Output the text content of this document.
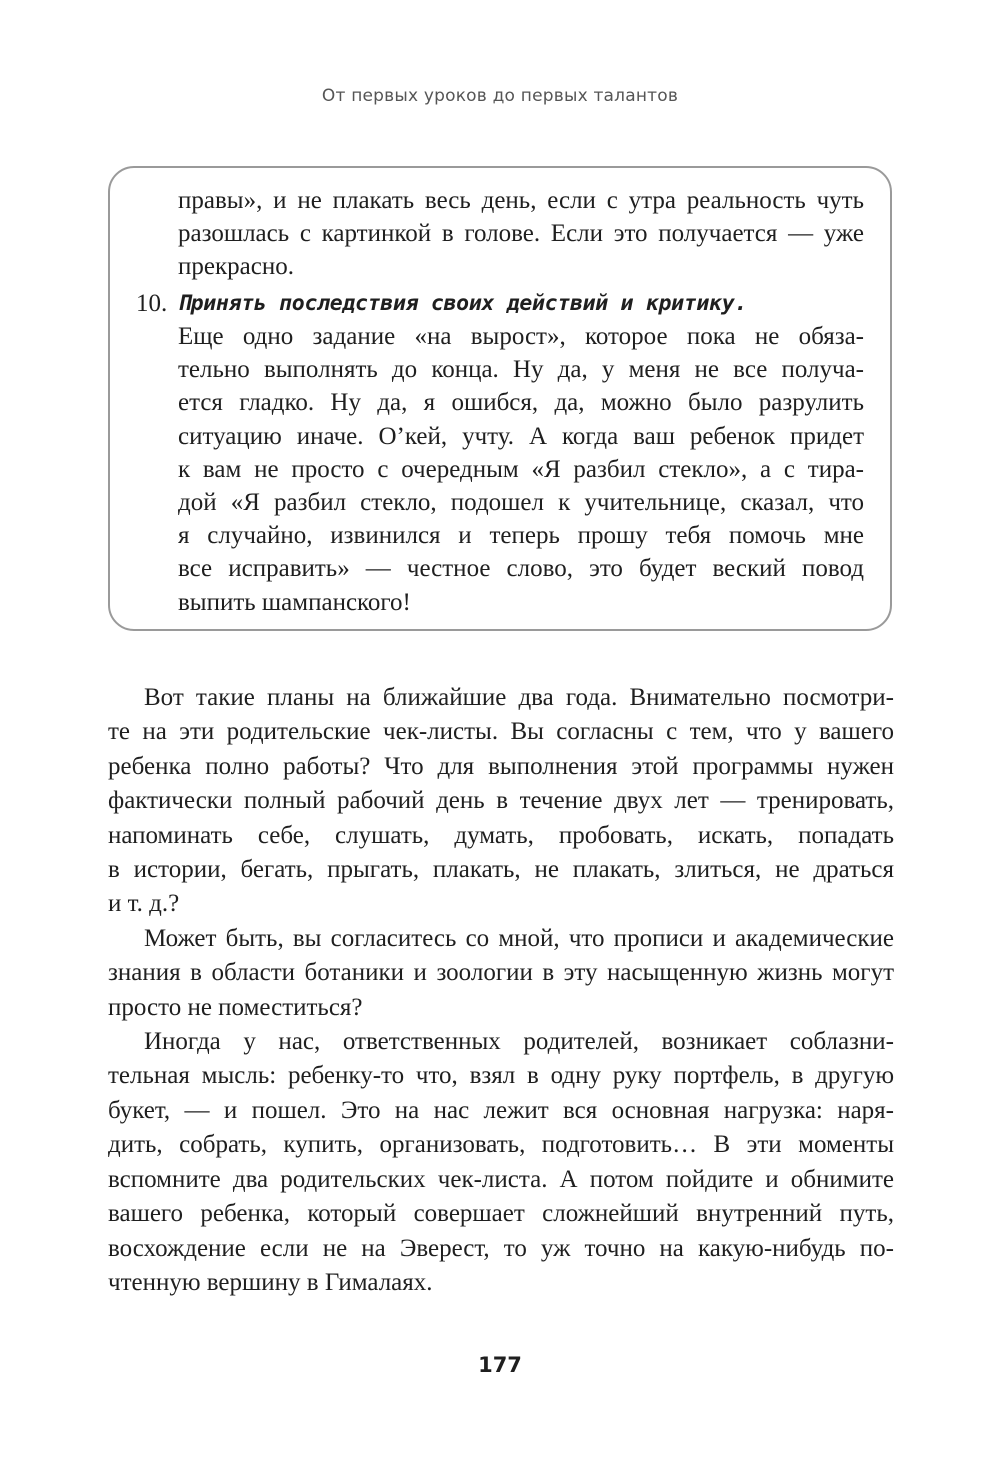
От первых уроков до первых талантов
правы», и не плакать весь день, если с утра реальность чуть
разошлась с картинкой в голове. Если это получается — уже
прекрасно.
10. Принять последствия своих действий и критику.
Еще одно задание «на вырост», которое пока не обяза-
тельно выполнять до конца. Ну да, у меня не все получа-
ется гладко. Ну да, я ошибся, да, можно было разрулить
ситуацию иначе. О’кей, учту. А когда ваш ребенок придет
к вам не просто с очередным «Я разбил стекло», а с тира-
дой «Я разбил стекло, подошел к учительнице, сказал, что
я случайно, извинился и теперь прошу тебя помочь мне
все исправить» — честное слово, это будет веский повод
выпить шампанского!
Вот такие планы на ближайшие два года. Внимательно посмотри-
те на эти родительские чек-листы. Вы согласны с тем, что у вашего
ребенка полно работы? Что для выполнения этой программы нужен
фактически полный рабочий день в течение двух лет — тренировать,
напоминать себе, слушать, думать, пробовать, искать, попадать
в истории, бегать, прыгать, плакать, не плакать, злиться, не драться
и т. д.?
Может быть, вы согласитесь со мной, что прописи и академические
знания в области ботаники и зоологии в эту насыщенную жизнь могут
просто не поместиться?
Иногда у нас, ответственных родителей, возникает соблазни-
тельная мысль: ребенку-то что, взял в одну руку портфель, в другую
букет, — и пошел. Это на нас лежит вся основная нагрузка: наря-
дить, собрать, купить, организовать, подготовить… В эти моменты
вспомните два родительских чек-листа. А потом пойдите и обнимите
вашего ребенка, который совершает сложнейший внутренний путь,
восхождение если не на Эверест, то уж точно на какую-нибудь по-
чтенную вершину в Гималаях.
177
